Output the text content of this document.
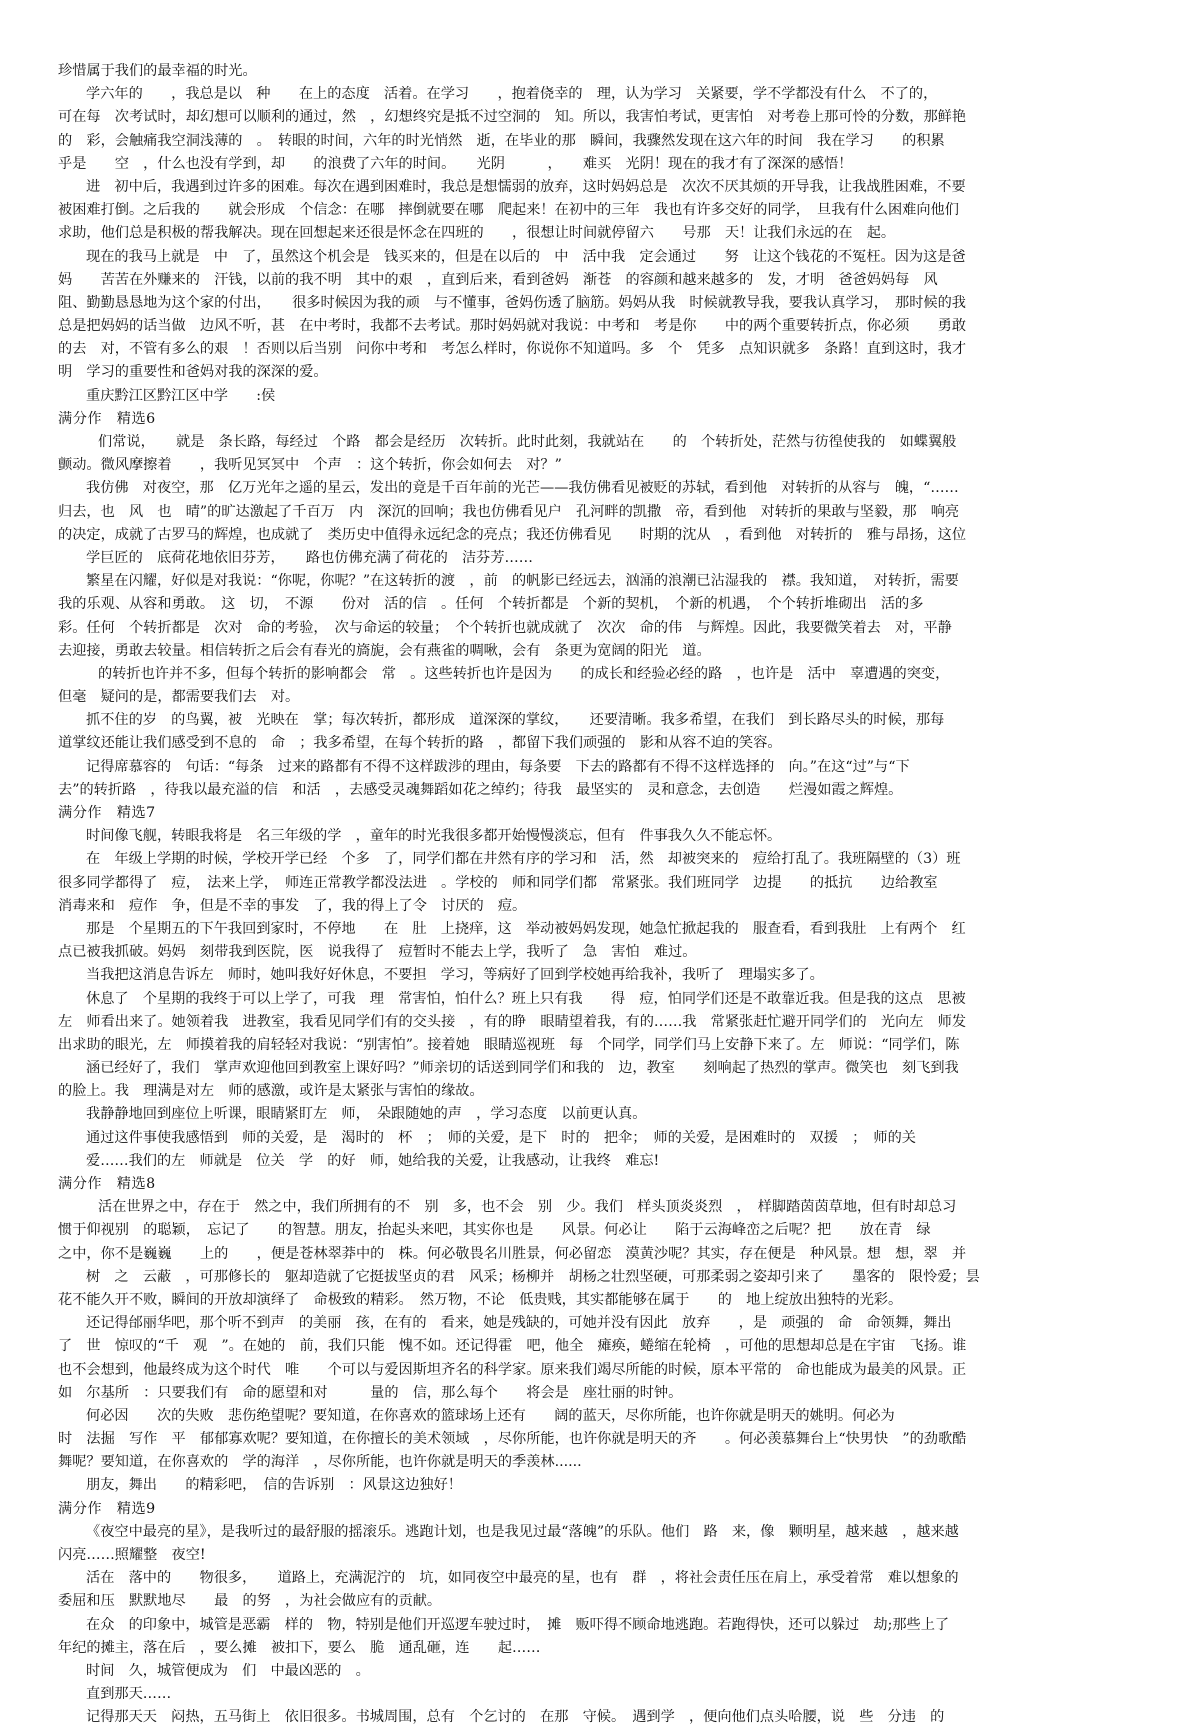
珍惜属于我们的最幸福的时光。
学六年的　　，我总是以　种　　在上的态度　活着。在学习　　，抱着侥幸的　理，认为学习　关紧要，学不学都没有什么　不了的，
可在每　次考试时，却幻想可以顺利的通过，然　，幻想终究是抵不过空洞的　知。所以，我害怕考试，更害怕　对考卷上那可怜的分数，那鲜艳
的　彩，会触痛我空洞浅薄的　。　转眼的时间，六年的时光悄然　逝，在毕业的那　瞬间，我骤然发现在这六年的时间　我在学习　　的积累
乎是　　空　，什么也没有学到，却　　的浪费了六年的时间。　　光阴　　　，　　难买　光阴！现在的我才有了深深的感悟！
进　初中后，我遇到过许多的困难。每次在遇到困难时，我总是想懦弱的放弃，这时妈妈总是　次次不厌其烦的开导我，让我战胜困难，不要
被困难打倒。之后我的　　就会形成　个信念：在哪　摔倒就要在哪　爬起来！在初中的三年　我也有许多交好的同学，　旦我有什么困难向他们
求助，他们总是积极的帮我解决。现在回想起来还很是怀念在四班的　　，很想让时间就停留六　　号那　天！让我们永远的在　起。
现在的我马上就是　中　了，虽然这个机会是　钱买来的，但是在以后的　中　活中我　定会通过　　努　让这个钱花的不冤枉。因为这是爸
妈　　苦苦在外赚来的　汗钱，以前的我不明　其中的艰　，直到后来，看到爸妈　渐苍　的容颜和越来越多的　发，才明　爸爸妈妈每　风
阻、勤勤恳恳地为这个家的付出，　　很多时候因为我的顽　与不懂事，爸妈伤透了脑筋。妈妈从我　时候就教导我，要我认真学习，　那时候的我
总是把妈妈的话当做　边风不听，甚　在中考时，我都不去考试。那时妈妈就对我说：中考和　考是你　　中的两个重要转折点，你必须　　勇敢
的去　对，不管有多么的艰　！否则以后当别　问你中考和　考怎么样时，你说你不知道吗。多　个　凭多　点知识就多　条路！直到这时，我才
明　学习的重要性和爸妈对我的深深的爱。
重庆黔江区黔江区中学　　:侯
满分作　精选6
们常说，　　就是　条长路，每经过　个路　都会是经历　次转折。此时此刻，我就站在　　的　个转折处，茫然与彷徨使我的　如蝶翼般
颤动。微风摩擦着　　，我听见冥冥中　个声　：这个转折，你会如何去　对？”
我仿佛　对夜空，那　亿万光年之遥的星云，发出的竟是千百年前的光芒——我仿佛看见被贬的苏轼，看到他　对转折的从容与　魄，“……
归去，也　风　也　晴”的旷达激起了千百万　内　深沉的回响；我也仿佛看见户　孔河畔的凯撒　帝，看到他　对转折的果敢与坚毅，那　响亮
的决定，成就了古罗马的辉煌，也成就了　类历史中值得永远纪念的亮点；我还仿佛看见　　时期的沈从　，看到他　对转折的　雅与昂扬，这位
学巨匠的　底荷花地依旧芬芳，　　路也仿佛充满了荷花的　洁芬芳……
繁星在闪耀，好似是对我说：“你呢，你呢？”在这转折的渡　，前　的帆影已经远去，汹涌的浪潮已沾湿我的　襟。我知道，　对转折，需要
我的乐观、从容和勇敢。　这　切，　不源　　份对　活的信　。任何　个转折都是　个新的契机，　个新的机遇，　个个转折堆砌出　活的多
彩。任何　个转折都是　次对　命的考验，　次与命运的较量；　个个转折也就成就了　次次　命的伟　与辉煌。因此，我要微笑着去　对，平静
去迎接，勇敢去较量。相信转折之后会有春光的旖旎，会有燕雀的啁啾，会有　条更为宽阔的阳光　道。
的转折也许并不多，但每个转折的影响都会　常　。这些转折也许是因为　　的成长和经验必经的路　，也许是　活中　辜遭遇的突变，
但毫　疑问的是，都需要我们去　对。
抓不住的岁　的鸟翼，被　光映在　掌；每次转折，都形成　道深深的掌纹，　　还要清晰。我多希望，在我们　到长路尽头的时候，那每
道掌纹还能让我们感受到不息的　命　；我多希望，在每个转折的路　，都留下我们顽强的　影和从容不迫的笑容。
记得席慕容的　句话：“每条　过来的路都有不得不这样跋涉的理由，每条要　下去的路都有不得不这样选择的　向。”在这“过”与“下
去”的转折路　，待我以最充溢的信　和活　，去感受灵魂舞蹈如花之绰约；待我　最坚实的　灵和意念，去创造　　烂漫如霞之辉煌。
满分作　精选7
时间像飞舰，转眼我将是　名三年级的学　，童年的时光我很多都开始慢慢淡忘，但有　件事我久久不能忘怀。
在　年级上学期的时候，学校开学已经　个多　了，同学们都在井然有序的学习和　活，然　却被突来的　痘给打乱了。我班隔壁的（3）班
很多同学都得了　痘，　法来上学，　师连正常教学都没法进　。学校的　师和同学们都　常紧张。我们班同学　边提　　的抵抗　　边给教室
消毒来和　痘作　争，但是不幸的事发　了，我的得上了令　讨厌的　痘。
那是　个星期五的下午我回到家时，不停地　　在　肚　上挠痒，这　举动被妈妈发现，她急忙掀起我的　服查看，看到我肚　上有两个　红
点已被我抓破。妈妈　刻带我到医院，医　说我得了　痘暂时不能去上学，我听了　急　害怕　难过。
当我把这消息告诉左　师时，她叫我好好休息，不要担　学习，等病好了回到学校她再给我补，我听了　理塌实多了。
休息了　个星期的我终于可以上学了，可我　理　常害怕，怕什么？班上只有我　　得　痘，怕同学们还是不敢靠近我。但是我的这点　思被
左　师看出来了。她领着我　进教室，我看见同学们有的交头接　，有的睁　眼睛望着我，有的……我　常紧张赶忙避开同学们的　光向左　师发
出求助的眼光，左　师摸着我的肩轻轻对我说：“别害怕”。接着她　眼睛巡视班　每　个同学，同学们马上安静下来了。左　师说：“同学们，陈
涵已经好了，我们　掌声欢迎他回到教室上课好吗？”师亲切的话送到同学们和我的　边，教室　　刻响起了热烈的掌声。微笑也　刻飞到我
的脸上。我　理满是对左　师的感激，或许是太紧张与害怕的缘故。
我静静地回到座位上听课，眼睛紧盯左　师，　朵跟随她的声　，学习态度　以前更认真。
通过这件事使我感悟到　师的关爱，是　渴时的　杯　；　师的关爱，是下　时的　把伞；　师的关爱，是困难时的　双援　；　师的关
爱……我们的左　师就是　位关　学　的好　师，她给我的关爱，让我感动，让我终　难忘!
满分作　精选8
活在世界之中，存在于　然之中，我们所拥有的不　别　多，也不会　别　少。我们　样头顶炎炎烈　，　样脚踏茵茵草地，但有时却总习
惯于仰视别　的聪颖，　忘记了　　的智慧。朋友，抬起头来吧，其实你也是　　风景。何必让　　陷于云海峰峦之后呢？把　　放在青　绿
之中，你不是巍巍　　上的　　，便是苍林翠莽中的　株。何必敬畏名川胜景，何必留恋　漠黄沙呢？其实，存在便是　种风景。想　想，翠　并
树　之　云蔽　，可那修长的　躯却造就了它挺拔坚贞的君　风采；杨柳并　胡杨之壮烈坚硬，可那柔弱之姿却引来了　　墨客的　限怜爱；昙
花不能久开不败，瞬间的开放却演绎了　命极致的精彩。　然万物，不论　低贵贱，其实都能够在属于　　的　地上绽放出独特的光彩。
还记得邰丽华吧，那个听不到声　的美丽　孩，在有的　看来，她是残缺的，可她并没有因此　放弃　　，是　顽强的　命　命领舞，舞出
了　世　惊叹的“千　观　”。在她的　前，我们只能　愧不如。还记得霍　吧，他全　瘫痪，蜷缩在轮椅　，可他的思想却总是在宇宙　飞扬。谁
也不会想到，他最终成为这个时代　唯　　个可以与爱因斯坦齐名的科学家。原来我们竭尽所能的时候，原本平常的　命也能成为最美的风景。正
如　尔基所　：只要我们有　命的愿望和对　　　量的　信，那么每个　　将会是　座壮丽的时钟。
何必因　　次的失败　悲伤绝望呢？要知道，在你喜欢的篮球场上还有　　阔的蓝天，尽你所能，也许你就是明天的姚明。何必为
时　法掘　写作　平　郁郁寡欢呢？要知道，在你擅长的美术领域　，尽你所能，也许你就是明天的齐　　。何必羡慕舞台上“快男快　”的劲歌酷
舞呢？要知道，在你喜欢的　学的海洋　，尽你所能，也许你就是明天的季羡林......
朋友，舞出　　的精彩吧，　信的告诉别　：风景这边独好！
满分作　精选9
《夜空中最亮的星》，是我听过的最舒服的摇滚乐。逃跑计划，也是我见过最“落魄”的乐队。他们　路　来，像　颗明星，越来越　，越来越
闪亮……照耀整　夜空!
活在　落中的　　物很多，　　道路上，充满泥泞的　坑，如同夜空中最亮的星，也有　群　，将社会责任压在肩上，承受着常　难以想象的
委屈和压　默默地尽　　最　的努　，为社会做应有的贡献。
在众　的印象中，城管是恶霸　样的　物，特别是他们开巡逻车驶过时，　摊　贩吓得不顾命地逃跑。若跑得快，还可以躲过　劫;那些上了
年纪的摊主，落在后　，要么摊　被扣下，要么　脆　通乱砸，连　　起……
时间　久，城管便成为　们　中最凶恶的　。
直到那天……
记得那天天　闷热，五马街上　依旧很多。书城周围，总有　个乞讨的　在那　守候。　遇到学　，便向他们点头哈腰，说　些　分违　的
